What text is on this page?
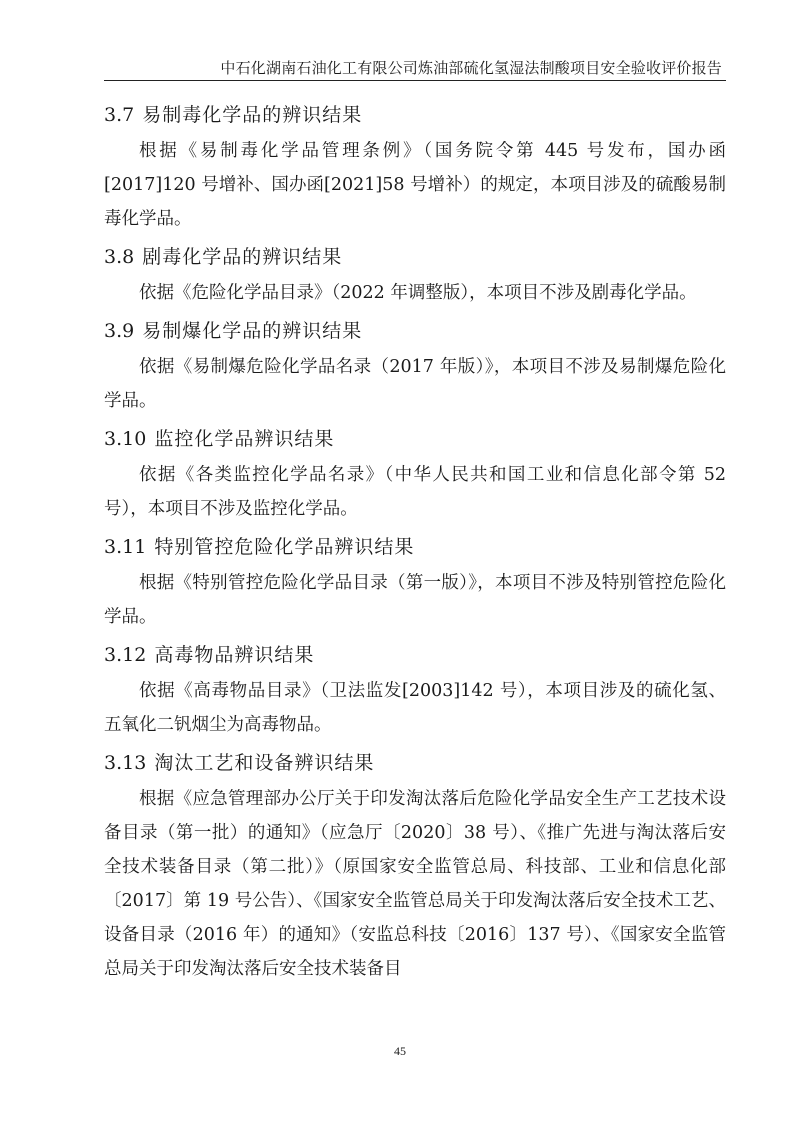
中石化湖南石油化工有限公司炼油部硫化氢湿法制酸项目安全验收评价报告
3.7 易制毒化学品的辨识结果

根据《易制毒化学品管理条例》（国务院令第 445 号发布，国办函[2017]120 号增补、国办函[2021]58 号增补）的规定，本项目涉及的硫酸易制毒化学品。

3.8 剧毒化学品的辨识结果

依据《危险化学品目录》（2022 年调整版），本项目不涉及剧毒化学品。

3.9 易制爆化学品的辨识结果

依据《易制爆危险化学品名录（2017 年版）》，本项目不涉及易制爆危险化学品。

3.10 监控化学品辨识结果

依据《各类监控化学品名录》（中华人民共和国工业和信息化部令第 52 号），本项目不涉及监控化学品。

3.11 特别管控危险化学品辨识结果

根据《特别管控危险化学品目录（第一版）》，本项目不涉及特别管控危险化学品。

3.12 高毒物品辨识结果

依据《高毒物品目录》（卫法监发[2003]142 号），本项目涉及的硫化氢、五氧化二钒烟尘为高毒物品。

3.13 淘汰工艺和设备辨识结果

根据《应急管理部办公厅关于印发淘汰落后危险化学品安全生产工艺技术设备目录（第一批）的通知》（应急厅〔2020〕38 号）、《推广先进与淘汰落后安全技术装备目录（第二批）》（原国家安全监管总局、科技部、工业和信息化部〔2017〕第 19 号公告）、《国家安全监管总局关于印发淘汰落后安全技术工艺、设备目录（2016 年）的通知》（安监总科技〔2016〕137 号）、《国家安全监管总局关于印发淘汰落后安全技术装备目

45
